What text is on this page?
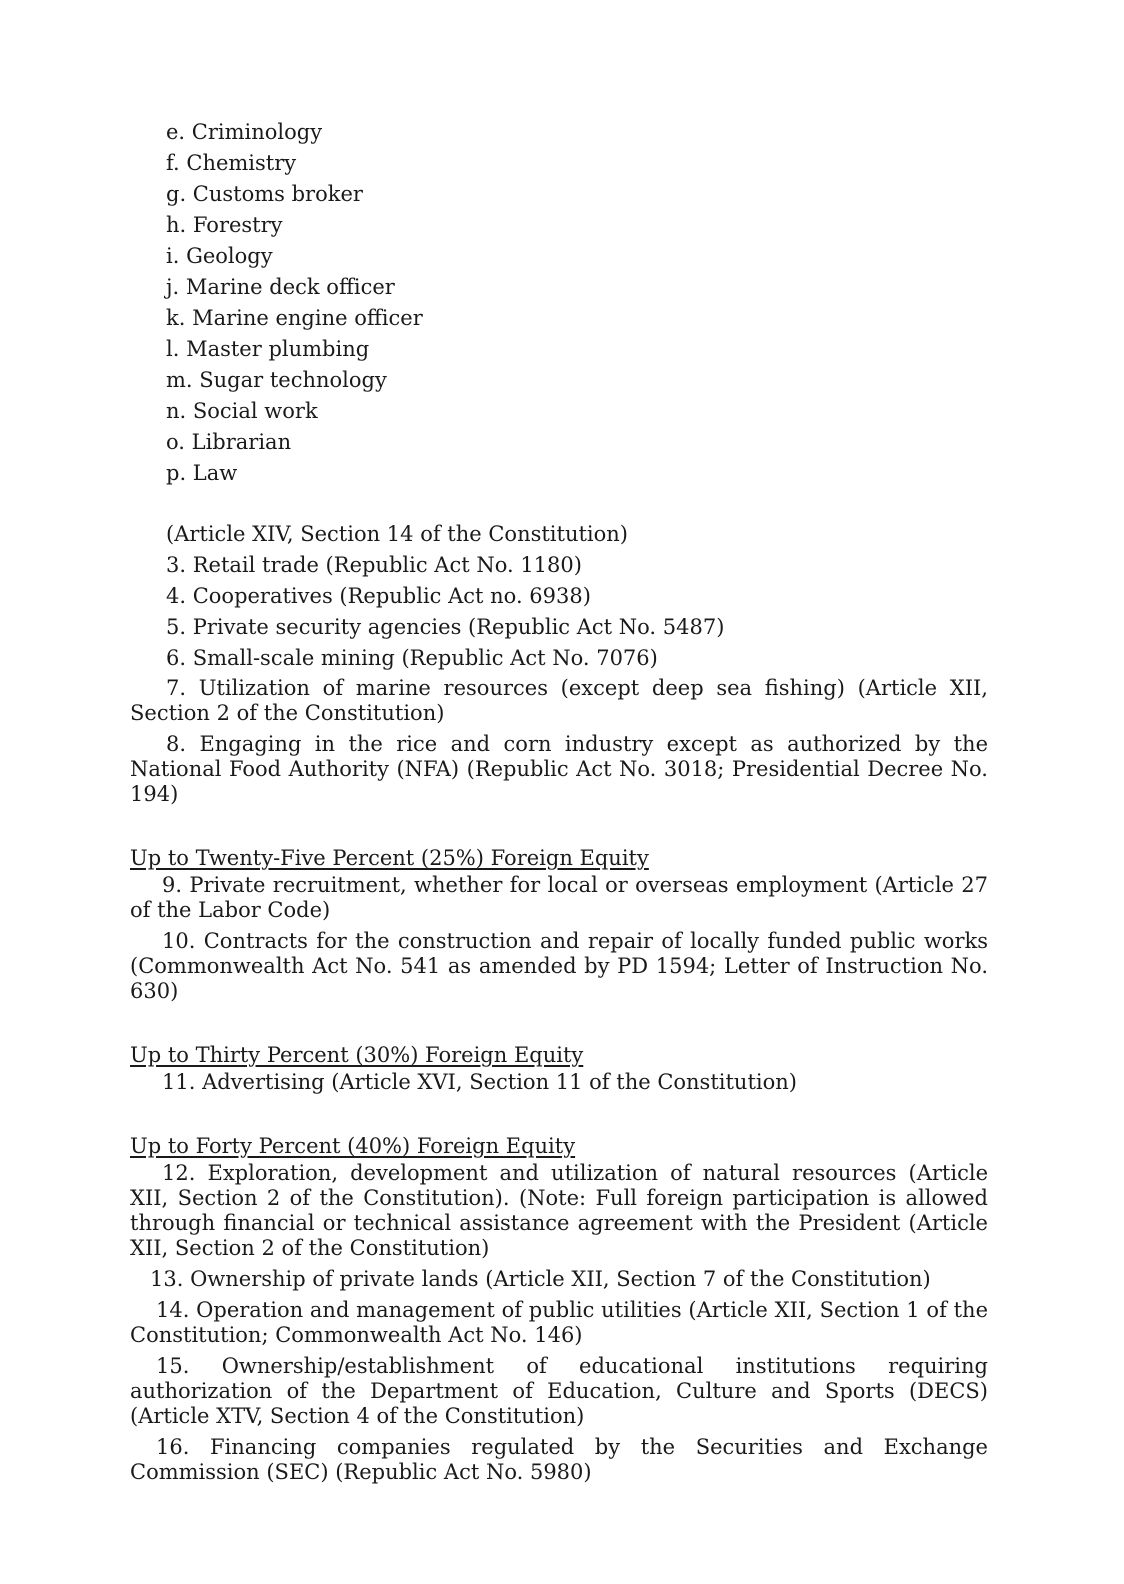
e. Criminology
f. Chemistry
g. Customs broker
h. Forestry
i. Geology
j. Marine deck officer
k. Marine engine officer
l. Master plumbing
m. Sugar technology
n. Social work
o. Librarian
p. Law
(Article XIV, Section 14 of the Constitution)
3. Retail trade (Republic Act No. 1180)
4. Cooperatives (Republic Act no. 6938)
5. Private security agencies (Republic Act No. 5487)
6. Small-scale mining (Republic Act No. 7076)
7. Utilization of marine resources (except deep sea fishing) (Article XII, Section 2 of the Constitution)
8. Engaging in the rice and corn industry except as authorized by the National Food Authority (NFA) (Republic Act No. 3018; Presidential Decree No. 194)
Up to Twenty-Five Percent (25%) Foreign Equity
9. Private recruitment, whether for local or overseas employment (Article 27 of the Labor Code)
10. Contracts for the construction and repair of locally funded public works (Commonwealth Act No. 541 as amended by PD 1594; Letter of Instruction No. 630)
Up to Thirty Percent (30%) Foreign Equity
11. Advertising (Article XVI, Section 11 of the Constitution)
Up to Forty Percent (40%) Foreign Equity
12. Exploration, development and utilization of natural resources (Article XII, Section 2 of the Constitution). (Note: Full foreign participation is allowed through financial or technical assistance agreement with the President (Article XII, Section 2 of the Constitution)
13. Ownership of private lands (Article XII, Section 7 of the Constitution)
14. Operation and management of public utilities (Article XII, Section 1 of the Constitution; Commonwealth Act No. 146)
15. Ownership/establishment of educational institutions requiring authorization of the Department of Education, Culture and Sports (DECS) (Article XTV, Section 4 of the Constitution)
16. Financing companies regulated by the Securities and Exchange Commission (SEC) (Republic Act No. 5980)
